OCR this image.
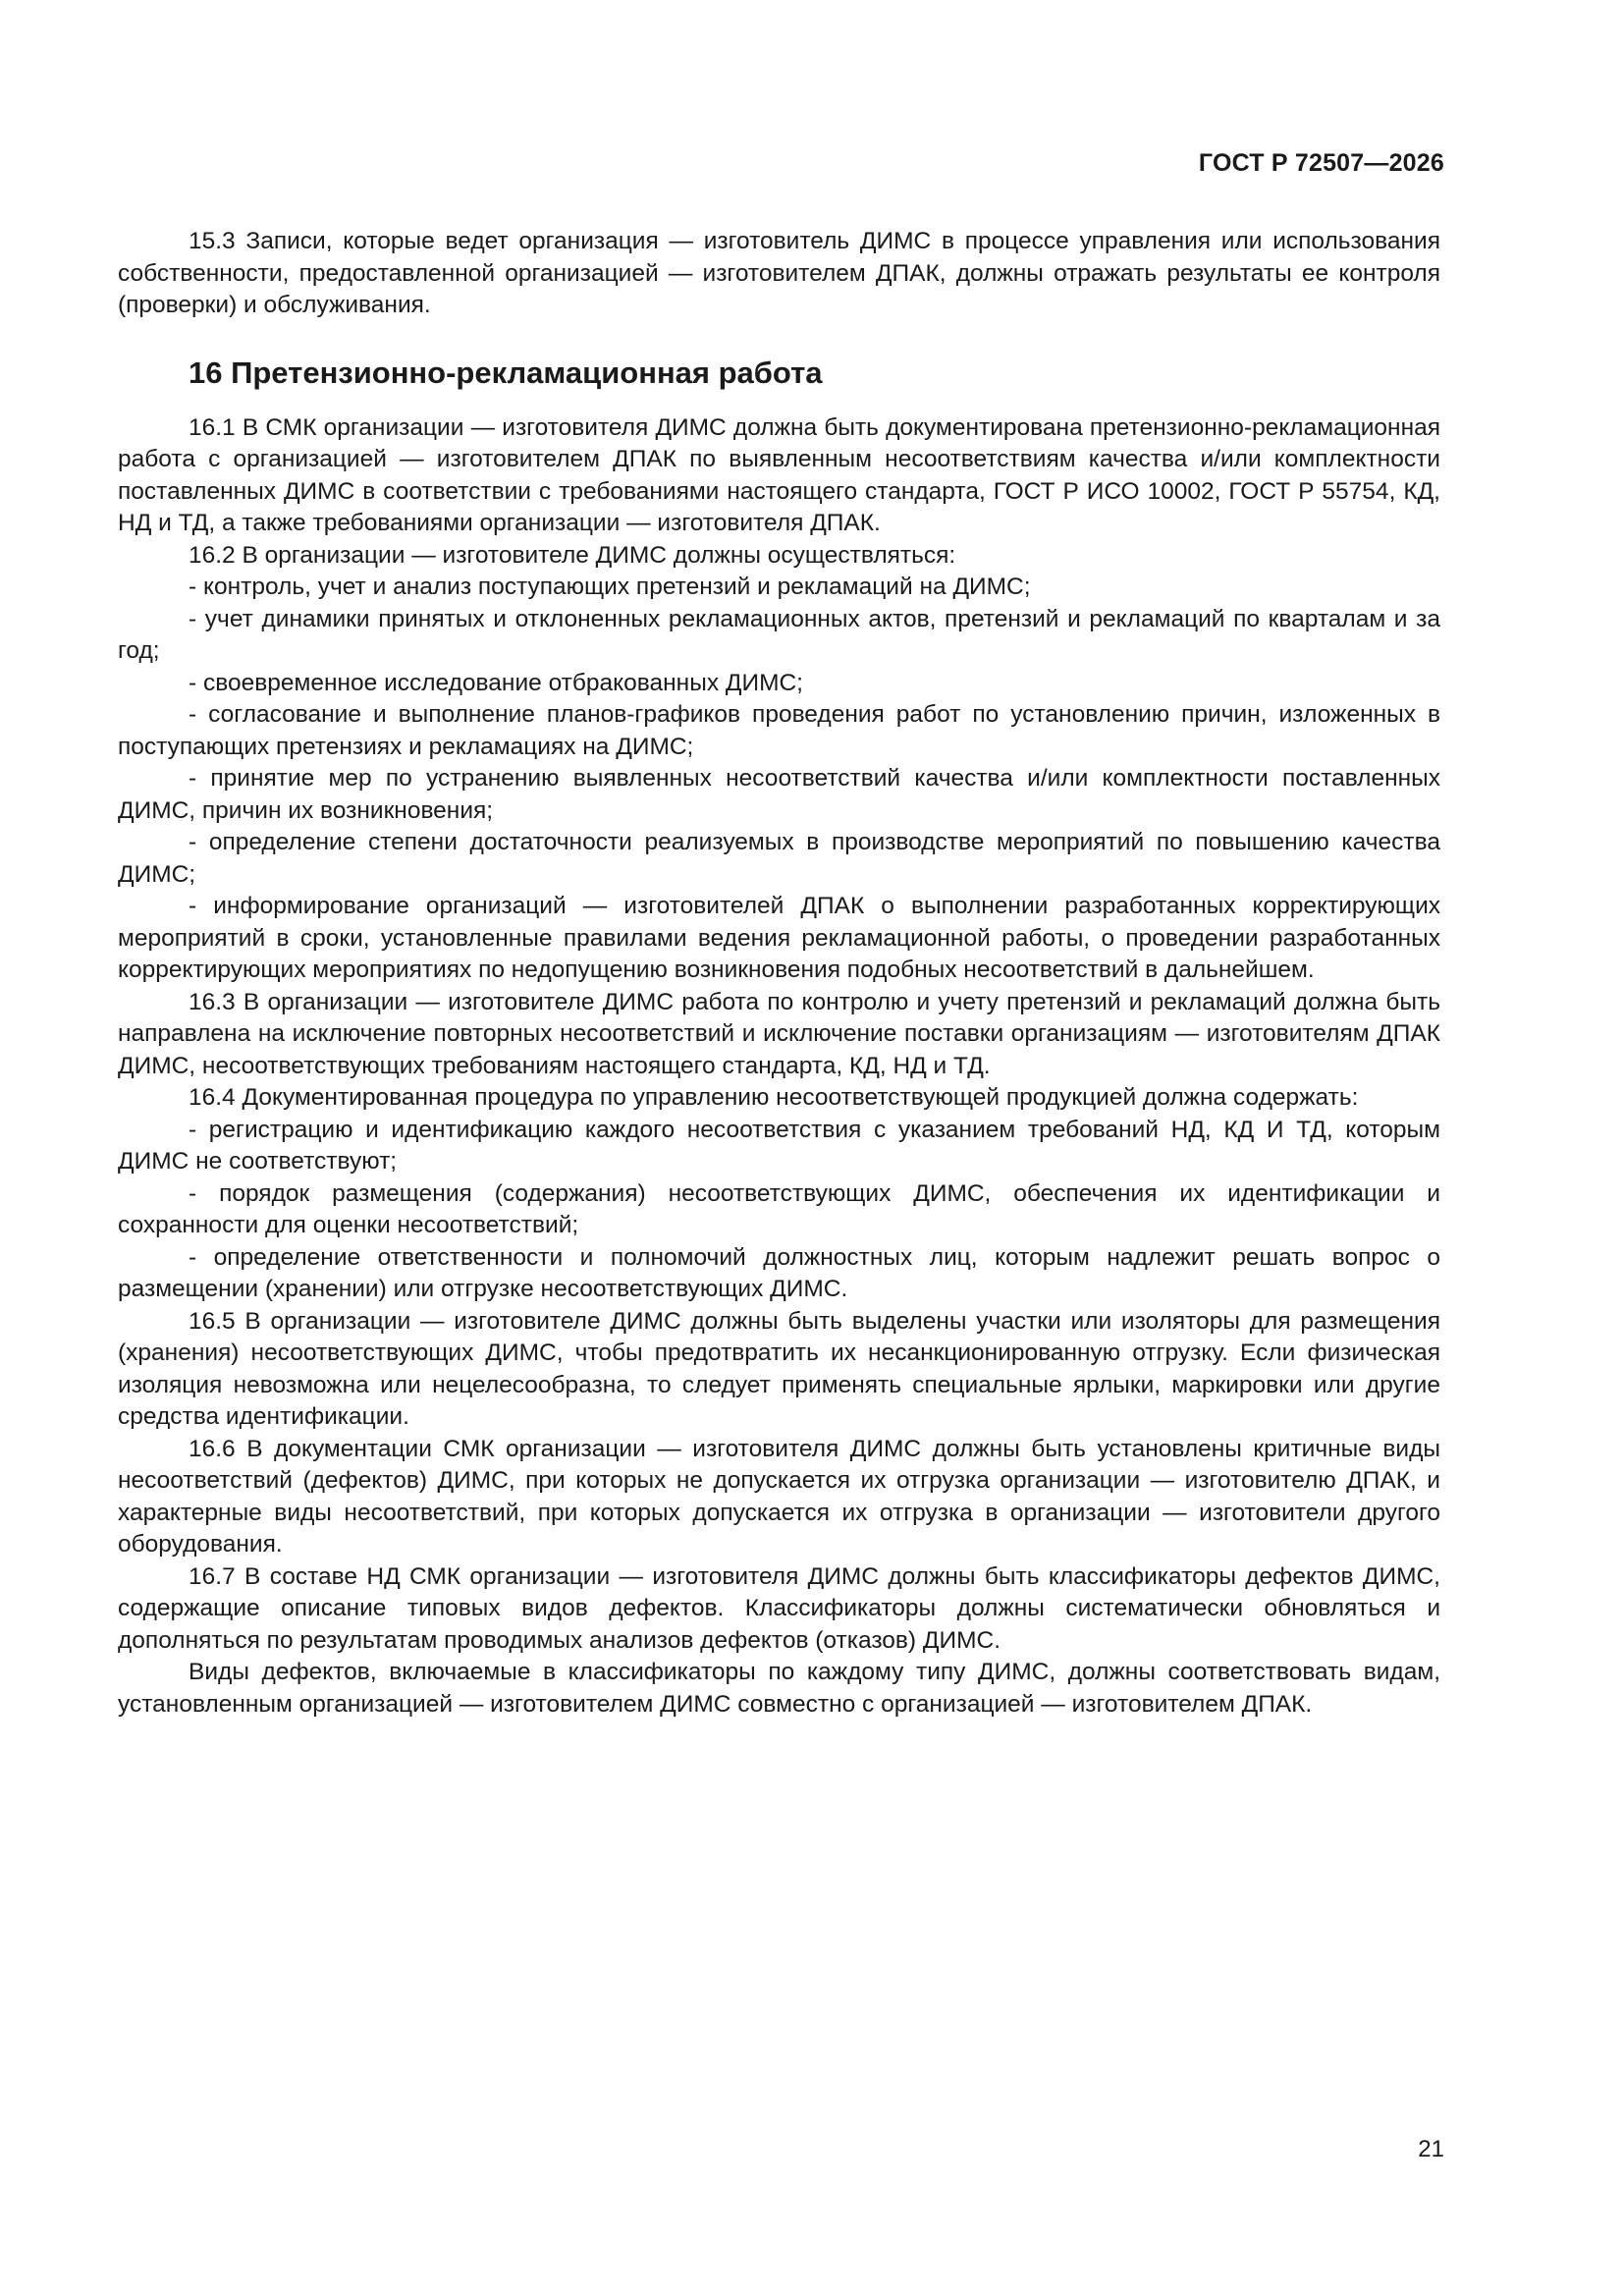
ГОСТ Р 72507—2026

15.3 Записи, которые ведет организация — изготовитель ДИМС в процессе управления или использования собственности, предоставленной организацией — изготовителем ДПАК, должны отражать результаты ее контроля (проверки) и обслуживания.

16 Претензионно-рекламационная работа

16.1 В СМК организации — изготовителя ДИМС должна быть документирована претензионно-рекламационная работа с организацией — изготовителем ДПАК по выявленным несоответствиям качества и/или комплектности поставленных ДИМС в соответствии с требованиями настоящего стандарта, ГОСТ Р ИСО 10002, ГОСТ Р 55754, КД, НД и ТД, а также требованиями организации — изготовителя ДПАК.

16.2 В организации — изготовителе ДИМС должны осуществляться:

- контроль, учет и анализ поступающих претензий и рекламаций на ДИМС;

- учет динамики принятых и отклоненных рекламационных актов, претензий и рекламаций по кварталам и за год;

- своевременное исследование отбракованных ДИМС;

- согласование и выполнение планов-графиков проведения работ по установлению причин, изложенных в поступающих претензиях и рекламациях на ДИМС;

- принятие мер по устранению выявленных несоответствий качества и/или комплектности поставленных ДИМС, причин их возникновения;

- определение степени достаточности реализуемых в производстве мероприятий по повышению качества ДИМС;

- информирование организаций — изготовителей ДПАК о выполнении разработанных корректирующих мероприятий в сроки, установленные правилами ведения рекламационной работы, о проведении разработанных корректирующих мероприятиях по недопущению возникновения подобных несоответствий в дальнейшем.

16.3 В организации — изготовителе ДИМС работа по контролю и учету претензий и рекламаций должна быть направлена на исключение повторных несоответствий и исключение поставки организациям — изготовителям ДПАК ДИМС, несоответствующих требованиям настоящего стандарта, КД, НД и ТД.

16.4 Документированная процедура по управлению несоответствующей продукцией должна содержать:

- регистрацию и идентификацию каждого несоответствия с указанием требований НД, КД И ТД, которым ДИМС не соответствуют;

- порядок размещения (содержания) несоответствующих ДИМС, обеспечения их идентификации и сохранности для оценки несоответствий;

- определение ответственности и полномочий должностных лиц, которым надлежит решать вопрос о размещении (хранении) или отгрузке несоответствующих ДИМС.

16.5 В организации — изготовителе ДИМС должны быть выделены участки или изоляторы для размещения (хранения) несоответствующих ДИМС, чтобы предотвратить их несанкционированную отгрузку. Если физическая изоляция невозможна или нецелесообразна, то следует применять специальные ярлыки, маркировки или другие средства идентификации.

16.6 В документации СМК организации — изготовителя ДИМС должны быть установлены критичные виды несоответствий (дефектов) ДИМС, при которых не допускается их отгрузка организации — изготовителю ДПАК, и характерные виды несоответствий, при которых допускается их отгрузка в организации — изготовители другого оборудования.

16.7 В составе НД СМК организации — изготовителя ДИМС должны быть классификаторы дефектов ДИМС, содержащие описание типовых видов дефектов. Классификаторы должны систематически обновляться и дополняться по результатам проводимых анализов дефектов (отказов) ДИМС.

Виды дефектов, включаемые в классификаторы по каждому типу ДИМС, должны соответствовать видам, установленным организацией — изготовителем ДИМС совместно с организацией — изготовителем ДПАК.

21
